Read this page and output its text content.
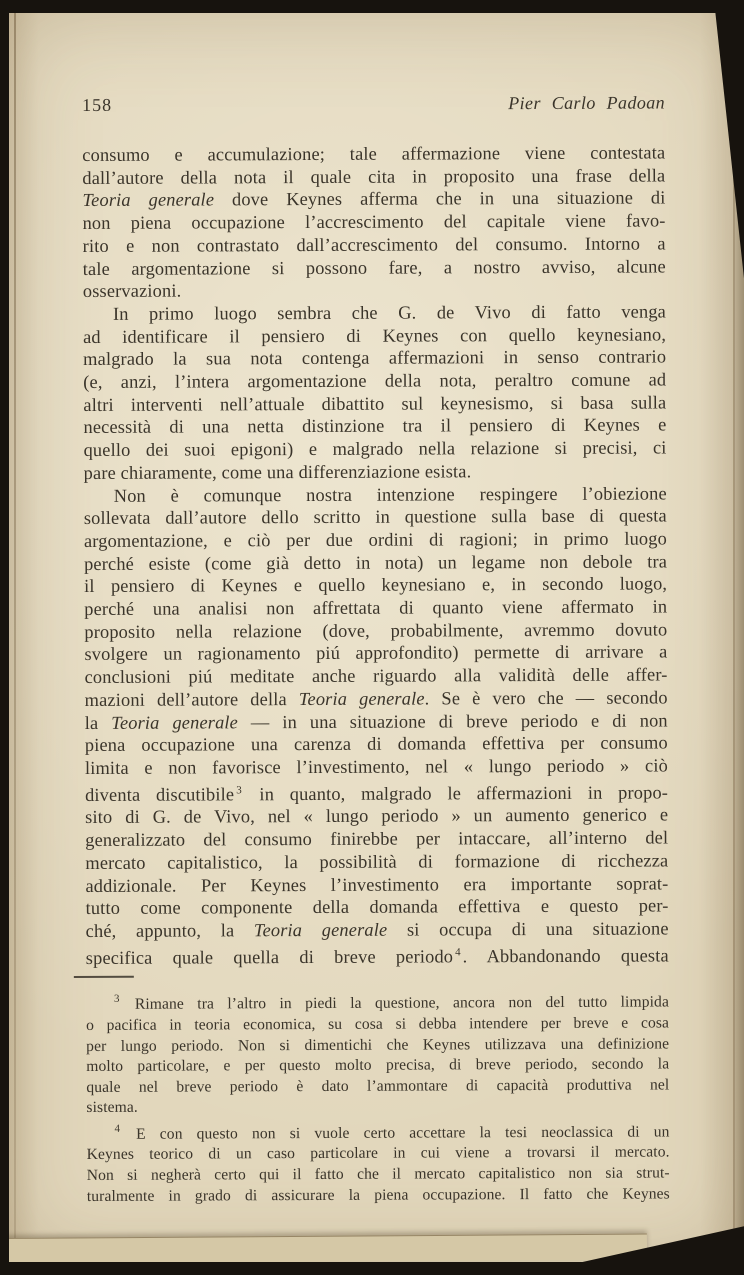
158	Pier Carlo Padoan
consumo e accumulazione; tale affermazione viene contestata
dall’autore della nota il quale cita in proposito una frase della
Teoria generale dove Keynes afferma che in una situazione di
non piena occupazione l’accrescimento del capitale viene favo-
rito e non contrastato dall’accrescimento del consumo. Intorno a
tale argomentazione si possono fare, a nostro avviso, alcune
osservazioni.
In primo luogo sembra che G. de Vivo di fatto venga
ad identificare il pensiero di Keynes con quello keynesiano,
malgrado la sua nota contenga affermazioni in senso contrario
(e, anzi, l’intera argomentazione della nota, peraltro comune ad
altri interventi nell’attuale dibattito sul keynesismo, si basa sulla
necessità di una netta distinzione tra il pensiero di Keynes e
quello dei suoi epigoni) e malgrado nella relazione si precisi, ci
pare chiaramente, come una differenziazione esista.
Non è comunque nostra intenzione respingere l’obiezione
sollevata dall’autore dello scritto in questione sulla base di questa
argomentazione, e ciò per due ordini di ragioni; in primo luogo
perché esiste (come già detto in nota) un legame non debole tra
il pensiero di Keynes e quello keynesiano e, in secondo luogo,
perché una analisi non affrettata di quanto viene affermato in
proposito nella relazione (dove, probabilmente, avremmo dovuto
svolgere un ragionamento piú approfondito) permette di arrivare a
conclusioni piú meditate anche riguardo alla validità delle affer-
mazioni dell’autore della Teoria generale. Se è vero che — secondo
la Teoria generale — in una situazione di breve periodo e di non
piena occupazione una carenza di domanda effettiva per consumo
limita e non favorisce l’investimento, nel « lungo periodo » ciò
diventa discutibile $^3$ in quanto, malgrado le affermazioni in propo-
sito di G. de Vivo, nel « lungo periodo » un aumento generico e
generalizzato del consumo finirebbe per intaccare, all’interno del
mercato capitalistico, la possibilità di formazione di ricchezza
addizionale. Per Keynes l’investimento era importante soprat-
tutto come componente della domanda effettiva e questo per-
ché, appunto, la Teoria generale si occupa di una situazione
specifica quale quella di breve periodo $^4$ . Abbandonando questa
$^3$ Rimane tra l’altro in piedi la questione, ancora non del tutto limpida
o pacifica in teoria economica, su cosa si debba intendere per breve e cosa
per lungo periodo. Non si dimentichi che Keynes utilizzava una definizione
molto particolare, e per questo molto precisa, di breve periodo, secondo la
quale nel breve periodo è dato l’ammontare di capacità produttiva nel
sistema.
$^4$ E con questo non si vuole certo accettare la tesi neoclassica di un
Keynes teorico di un caso particolare in cui viene a trovarsi il mercato.
Non si negherà certo qui il fatto che il mercato capitalistico non sia strut-
turalmente in grado di assicurare la piena occupazione. Il fatto che Keynes
